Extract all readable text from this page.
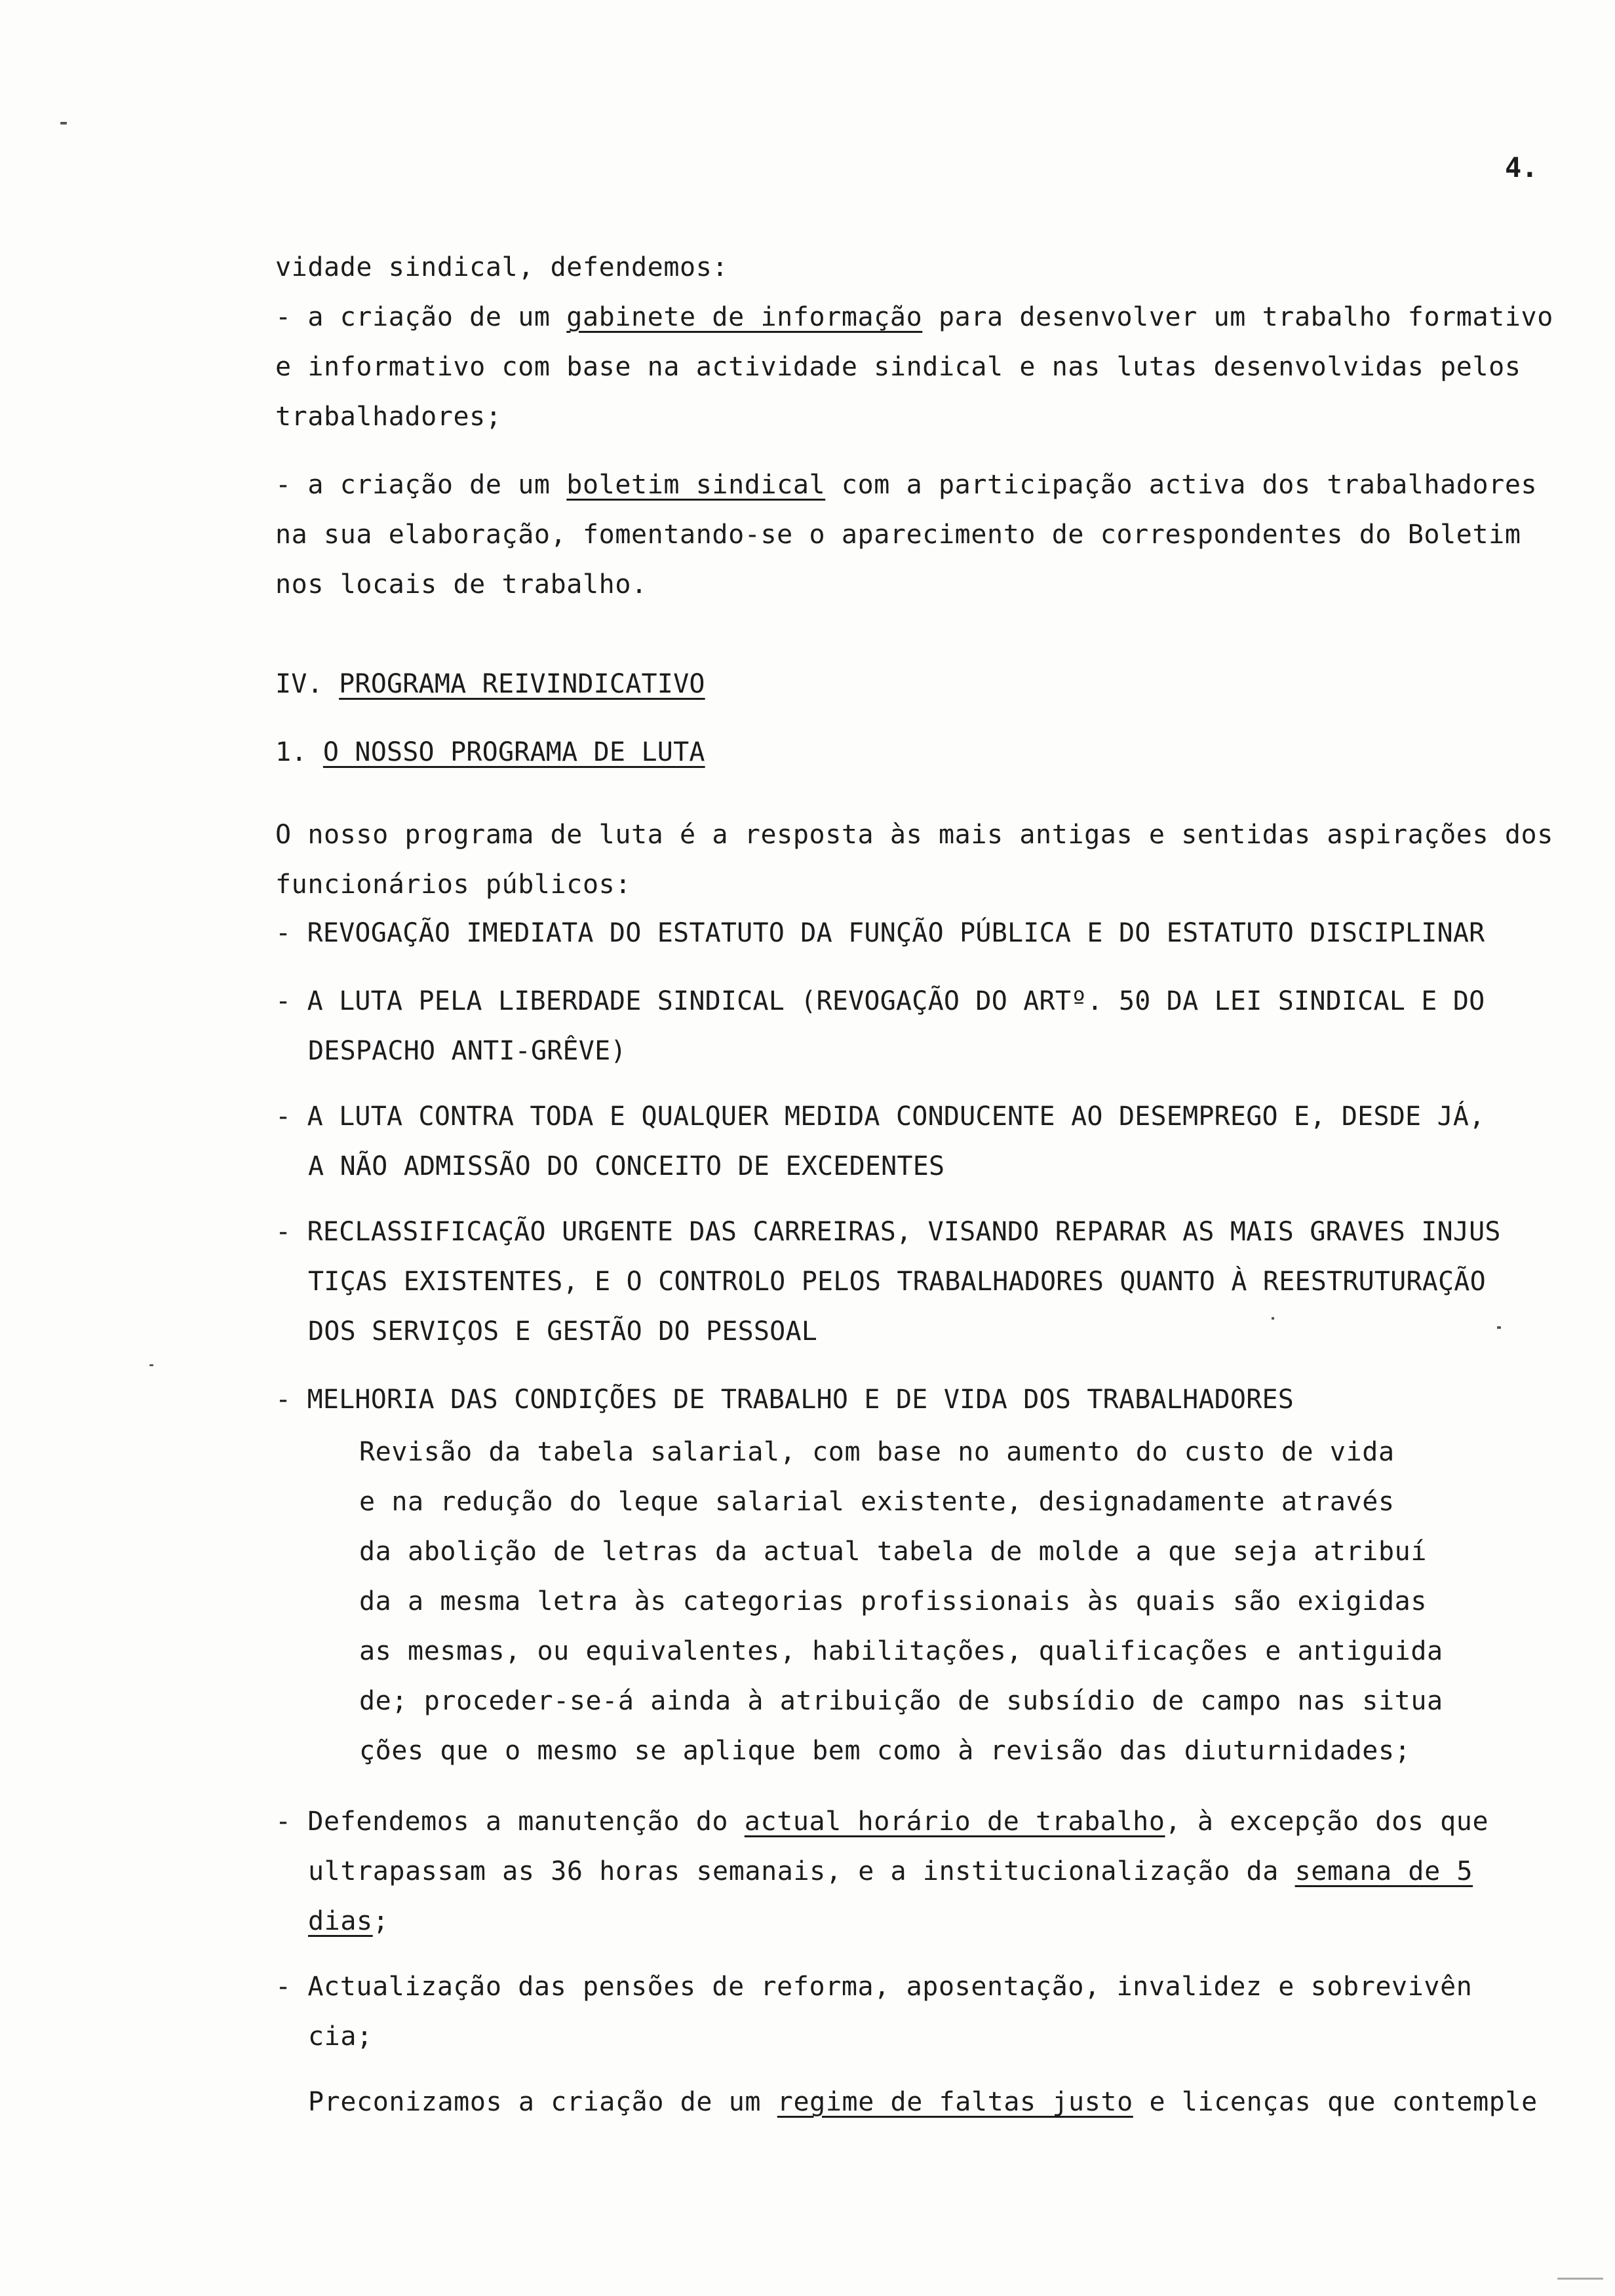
4.
vidade sindical, defendemos:
- a criação de um gabinete de informação para desenvolver um trabalho formativo
e informativo com base na actividade sindical e nas lutas desenvolvidas pelos
trabalhadores;
- a criação de um boletim sindical com a participação activa dos trabalhadores
na sua elaboração, fomentando-se o aparecimento de correspondentes do Boletim
nos locais de trabalho.
IV. PROGRAMA REIVINDICATIVO
1. O NOSSO PROGRAMA DE LUTA
O nosso programa de luta é a resposta às mais antigas e sentidas aspirações dos
funcionários públicos:
- REVOGAÇÃO IMEDIATA DO ESTATUTO DA FUNÇÃO PÚBLICA E DO ESTATUTO DISCIPLINAR
- A LUTA PELA LIBERDADE SINDICAL (REVOGAÇÃO DO ARTº. 50 DA LEI SINDICAL E DO
DESPACHO ANTI-GRÊVE)
- A LUTA CONTRA TODA E QUALQUER MEDIDA CONDUCENTE AO DESEMPREGO E, DESDE JÁ,
A NÃO ADMISSÃO DO CONCEITO DE EXCEDENTES
- RECLASSIFICAÇÃO URGENTE DAS CARREIRAS, VISANDO REPARAR AS MAIS GRAVES INJUS
TIÇAS EXISTENTES, E O CONTROLO PELOS TRABALHADORES QUANTO À REESTRUTURAÇÃO
DOS SERVIÇOS E GESTÃO DO PESSOAL
- MELHORIA DAS CONDIÇÕES DE TRABALHO E DE VIDA DOS TRABALHADORES
Revisão da tabela salarial, com base no aumento do custo de vida
e na redução do leque salarial existente, designadamente através
da abolição de letras da actual tabela de molde a que seja atribuí
da a mesma letra às categorias profissionais às quais são exigidas
as mesmas, ou equivalentes, habilitações, qualificações e antiguida
de; proceder-se-á ainda à atribuição de subsídio de campo nas situa
ções que o mesmo se aplique bem como à revisão das diuturnidades;
- Defendemos a manutenção do actual horário de trabalho, à excepção dos que
ultrapassam as 36 horas semanais, e a institucionalização da semana de 5
dias;
- Actualização das pensões de reforma, aposentação, invalidez e sobrevivên
cia;
Preconizamos a criação de um regime de faltas justo e licenças que contemple
